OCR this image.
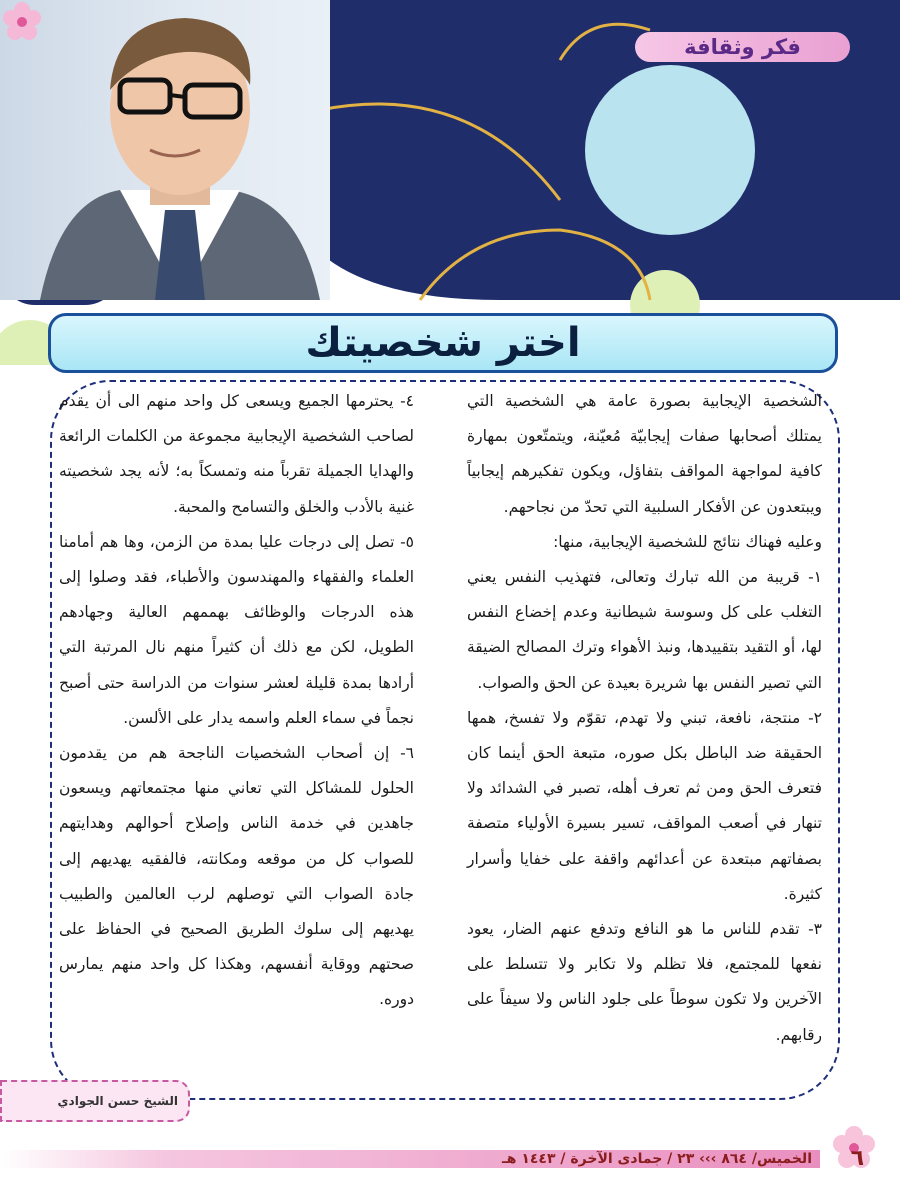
فكر وثقافة
اختر شخصيتك

الشخصية الإيجابية بصورة عامة هي الشخصية التي يمتلك أصحابها صفات إيجابيّة مُعيّنة، ويتمتّعون بمهارة كافية لمواجهة المواقف بتفاؤل، ويكون تفكيرهم إيجابياً ويبتعدون عن الأفكار السلبية التي تحدّ من نجاحهم.

وعليه فهناك نتائج للشخصية الإيجابية، منها:

١- قريبة من الله تبارك وتعالى، فتهذيب النفس يعني التغلب على كل وسوسة شيطانية وعدم إخضاع النفس لها، أو التقيد بتقييدها، ونبذ الأهواء وترك المصالح الضيقة التي تصير النفس بها شريرة بعيدة عن الحق والصواب.

٢- منتجة، نافعة، تبني ولا تهدم، تقوّم ولا تفسخ، همها الحقيقة ضد الباطل بكل صوره، متبعة الحق أينما كان فتعرف الحق ومن ثم تعرف أهله، تصبر في الشدائد ولا تنهار في أصعب المواقف، تسير بسيرة الأولياء متصفة بصفاتهم مبتعدة عن أعدائهم واقفة على خفايا وأسرار كثيرة.

٣- تقدم للناس ما هو النافع وتدفع عنهم الضار، يعود نفعها للمجتمع، فلا تظلم ولا تكابر ولا تتسلط على الآخرين ولا تكون سوطاً على جلود الناس ولا سيفاً على رقابهم.

٤- يحترمها الجميع ويسعى كل واحد منهم الى أن يقدم لصاحب الشخصية الإيجابية مجموعة من الكلمات الرائعة والهدايا الجميلة تقرباً منه وتمسكاً به؛ لأنه يجد شخصيته غنية بالأدب والخلق والتسامح والمحبة.

٥- تصل إلى درجات عليا بمدة من الزمن، وها هم أمامنا العلماء والفقهاء والمهندسون والأطباء، فقد وصلوا إلى هذه الدرجات والوظائف بهممهم العالية وجهادهم الطويل، لكن مع ذلك أن كثيراً منهم نال المرتبة التي أرادها بمدة قليلة لعشر سنوات من الدراسة حتى أصبح نجماً في سماء العلم واسمه يدار على الألسن.

٦- إن أصحاب الشخصيات الناجحة هم من يقدمون الحلول للمشاكل التي تعاني منها مجتمعاتهم ويسعون جاهدين في خدمة الناس وإصلاح أحوالهم وهدايتهم للصواب كل من موقعه ومكانته، فالفقيه يهديهم إلى جادة الصواب التي توصلهم لرب العالمين والطبيب يهديهم إلى سلوك الطريق الصحيح في الحفاظ على صحتهم ووقاية أنفسهم، وهكذا كل واحد منهم يمارس دوره.

الشيخ حسن الجوادي
الخميس/ ٨٦٤ ››› ٢٣ / جمادى الآخرة / ١٤٤٣ هـ ٦
